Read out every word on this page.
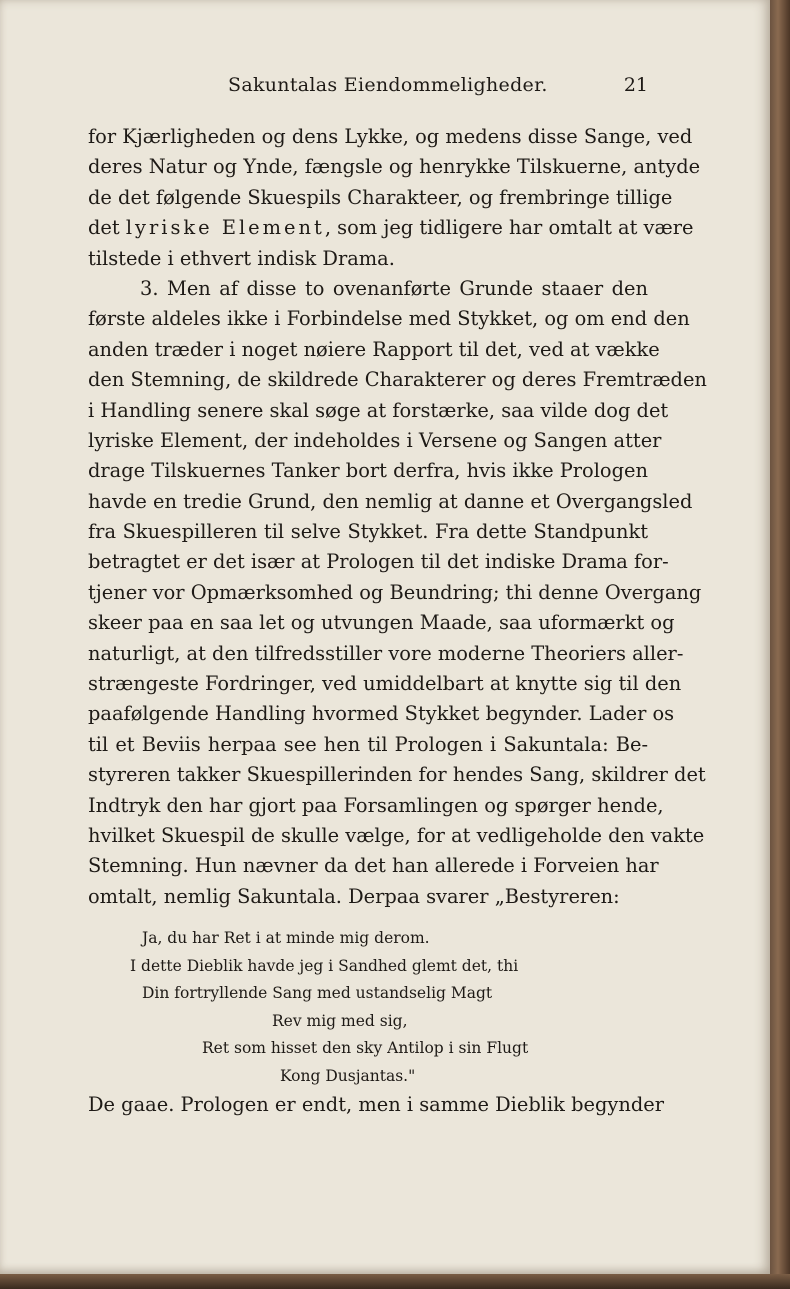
Sakuntalas Eiendommeligheder.	21
for Kjærligheden og dens Lykke, og medens disse Sange, ved
deres Natur og Ynde, fængsle og henrykke Tilskuerne, antyde
de det følgende Skuespils Charakteer, og frembringe tillige
det lyriske Element, som jeg tidligere har omtalt at være
tilstede i ethvert indisk Drama.
3. Men af disse to ovenanførte Grunde staaer den
første aldeles ikke i Forbindelse med Stykket, og om end den
anden træder i noget nøiere Rapport til det, ved at vække
den Stemning, de skildrede Charakterer og deres Fremtræden
i Handling senere skal søge at forstærke, saa vilde dog det
lyriske Element, der indeholdes i Versene og Sangen atter
drage Tilskuernes Tanker bort derfra, hvis ikke Prologen
havde en tredie Grund, den nemlig at danne et Overgangsled
fra Skuespilleren til selve Stykket. Fra dette Standpunkt
betragtet er det især at Prologen til det indiske Drama for-
tjener vor Opmærksomhed og Beundring; thi denne Overgang
skeer paa en saa let og utvungen Maade, saa uformærkt og
naturligt, at den tilfredsstiller vore moderne Theoriers aller-
strængeste Fordringer, ved umiddelbart at knytte sig til den
paafølgende Handling hvormed Stykket begynder. Lader os
til et Beviis herpaa see hen til Prologen i Sakuntala: Be-
styreren takker Skuespillerinden for hendes Sang, skildrer det
Indtryk den har gjort paa Forsamlingen og spørger hende,
hvilket Skuespil de skulle vælge, for at vedligeholde den vakte
Stemning. Hun nævner da det han allerede i Forveien har
omtalt, nemlig Sakuntala. Derpaa svarer „Bestyreren:
Ja, du har Ret i at minde mig derom.
I dette Dieblik havde jeg i Sandhed glemt det, thi
Din fortryllende Sang med ustandselig Magt
Rev mig med sig,
Ret som hisset den sky Antilop i sin Flugt
Kong Dusjantas."
De gaae. Prologen er endt, men i samme Dieblik begynder
